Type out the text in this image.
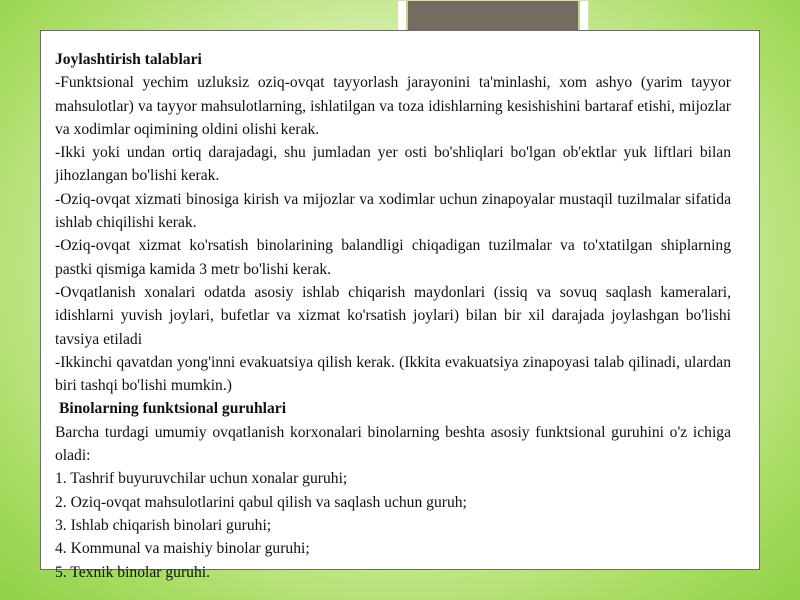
Joylashtirish talablari

-Funktsional yechim uzluksiz oziq-ovqat tayyorlash jarayonini ta'minlashi, xom ashyo (yarim tayyor mahsulotlar) va tayyor mahsulotlarning, ishlatilgan va toza idishlarning kesishishini bartaraf etishi, mijozlar va xodimlar oqimining oldini olishi kerak.

-Ikki yoki undan ortiq darajadagi, shu jumladan yer osti bo'shliqlari bo'lgan ob'ektlar yuk liftlari bilan jihozlangan bo'lishi kerak.

-Oziq-ovqat xizmati binosiga kirish va mijozlar va xodimlar uchun zinapoyalar mustaqil tuzilmalar sifatida ishlab chiqilishi kerak.

-Oziq-ovqat xizmat ko'rsatish binolarining balandligi chiqadigan tuzilmalar va to'xtatilgan shiplarning pastki qismiga kamida 3 metr bo'lishi kerak.

-Ovqatlanish xonalari odatda asosiy ishlab chiqarish maydonlari (issiq va sovuq saqlash kameralari, idishlarni yuvish joylari, bufetlar va xizmat ko'rsatish joylari) bilan bir xil darajada joylashgan bo'lishi tavsiya etiladi

-Ikkinchi qavatdan yong'inni evakuatsiya qilish kerak. (Ikkita evakuatsiya zinapoyasi talab qilinadi, ulardan biri tashqi bo'lishi mumkin.)

Binolarning funktsional guruhlari

Barcha turdagi umumiy ovqatlanish korxonalari binolarning beshta asosiy funktsional guruhini o'z ichiga oladi:

1. Tashrif buyuruvchilar uchun xonalar guruhi;

2. Oziq-ovqat mahsulotlarini qabul qilish va saqlash uchun guruh;

3. Ishlab chiqarish binolari guruhi;

4. Kommunal va maishiy binolar guruhi;

5. Texnik binolar guruhi.
